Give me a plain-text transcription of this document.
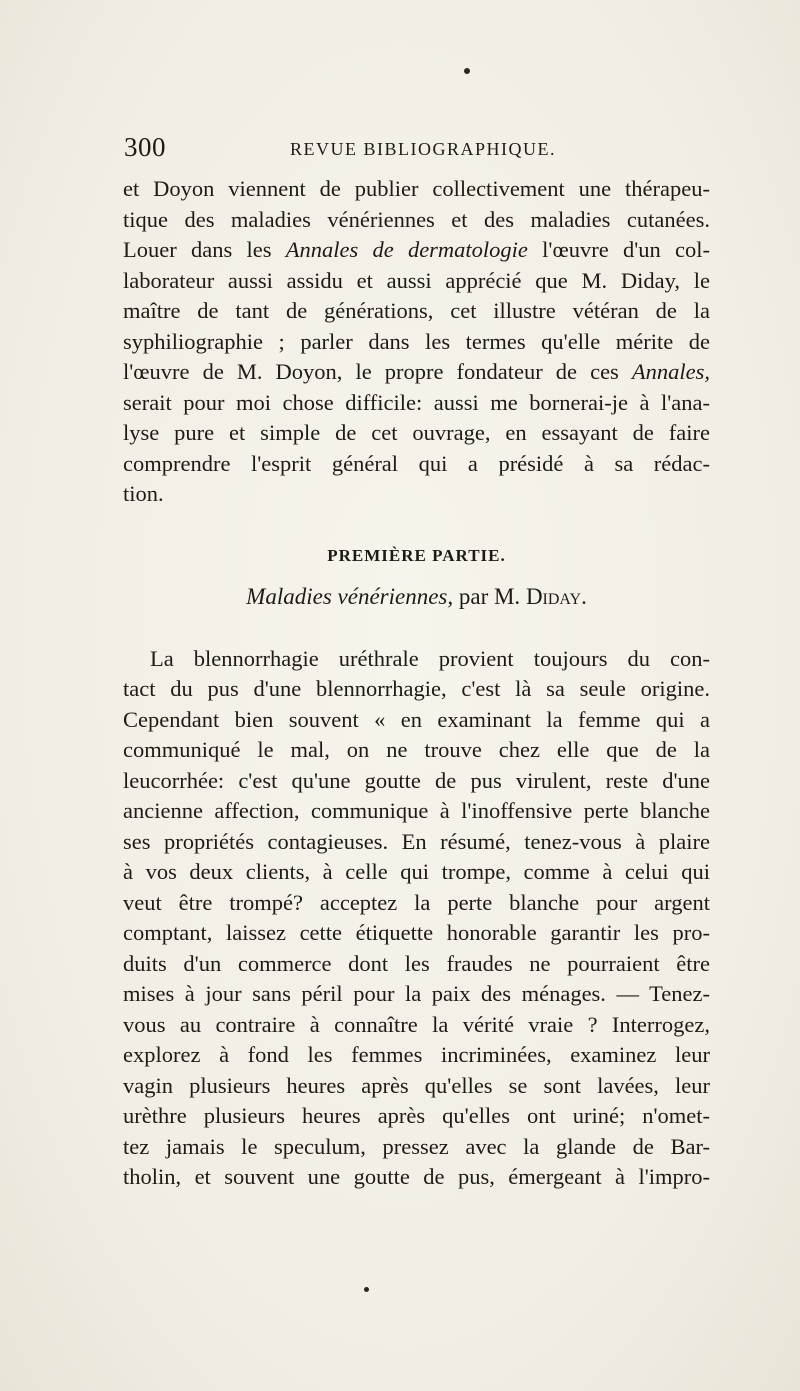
300	REVUE BIBLIOGRAPHIQUE.
et Doyon viennent de publier collectivement une thérapeu-
tique des maladies vénériennes et des maladies cutanées.
Louer dans les Annales de dermatologie l'œuvre d'un col-
laborateur aussi assidu et aussi apprécié que M. Diday, le
maître de tant de générations, cet illustre vétéran de la
syphiliographie ; parler dans les termes qu'elle mérite de
l'œuvre de M. Doyon, le propre fondateur de ces Annales,
serait pour moi chose difficile: aussi me bornerai-je à l'ana-
lyse pure et simple de cet ouvrage, en essayant de faire
comprendre l'esprit général qui a présidé à sa rédac-
tion.

PREMIÈRE PARTIE.

Maladies vénériennes, par M. Diday.

La blennorrhagie uréthrale provient toujours du con-
tact du pus d'une blennorrhagie, c'est là sa seule origine.
Cependant bien souvent « en examinant la femme qui a
communiqué le mal, on ne trouve chez elle que de la
leucorrhée: c'est qu'une goutte de pus virulent, reste d'une
ancienne affection, communique à l'inoffensive perte blanche
ses propriétés contagieuses. En résumé, tenez-vous à plaire
à vos deux clients, à celle qui trompe, comme à celui qui
veut être trompé? acceptez la perte blanche pour argent
comptant, laissez cette étiquette honorable garantir les pro-
duits d'un commerce dont les fraudes ne pourraient être
mises à jour sans péril pour la paix des ménages. — Tenez-
vous au contraire à connaître la vérité vraie ? Interrogez,
explorez à fond les femmes incriminées, examinez leur
vagin plusieurs heures après qu'elles se sont lavées, leur
urèthre plusieurs heures après qu'elles ont uriné; n'omet-
tez jamais le speculum, pressez avec la glande de Bar-
tholin, et souvent une goutte de pus, émergeant à l'impro-
